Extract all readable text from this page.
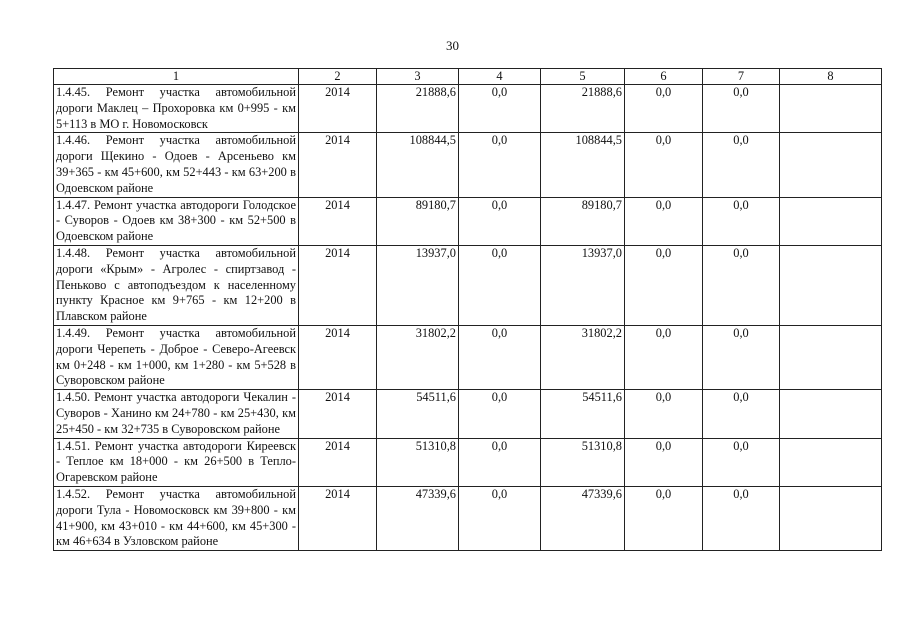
30
1	2	3	4	5	6	7	8
1.4.45. Ремонт участка автомобильной дороги Маклец – Прохоровка км 0+995 - км 5+113 в МО г. Новомосковск	2014	21888,6	0,0	21888,6	0,0	0,0	
1.4.46. Ремонт участка автомобильной дороги Щекино - Одоев - Арсеньево км 39+365 - км 45+600, км 52+443 - км 63+200 в Одоевском районе	2014	108844,5	0,0	108844,5	0,0	0,0	
1.4.47. Ремонт участка автодороги Голодское - Суворов - Одоев км 38+300 - км 52+500 в Одоевском районе	2014	89180,7	0,0	89180,7	0,0	0,0	
1.4.48. Ремонт участка автомобильной дороги «Крым» - Агролес - спиртзавод - Пеньково с автоподъездом к населенному пункту Красное км 9+765 - км 12+200 в Плавском районе	2014	13937,0	0,0	13937,0	0,0	0,0	
1.4.49. Ремонт участка автомобильной дороги Черепеть - Доброе - Северо-Агеевск км 0+248 - км 1+000, км 1+280 - км 5+528 в Суворовском районе	2014	31802,2	0,0	31802,2	0,0	0,0	
1.4.50. Ремонт участка автодороги Чекалин - Суворов - Ханино км 24+780 - км 25+430, км 25+450 - км 32+735 в Суворовском районе	2014	54511,6	0,0	54511,6	0,0	0,0	
1.4.51. Ремонт участка автодороги Киреевск - Теплое км 18+000 - км 26+500 в Тепло-Огаревском районе	2014	51310,8	0,0	51310,8	0,0	0,0	
1.4.52. Ремонт участка автомобильной дороги Тула - Новомосковск км 39+800 - км 41+900, км 43+010 - км 44+600, км 45+300 - км 46+634 в Узловском районе	2014	47339,6	0,0	47339,6	0,0	0,0	
